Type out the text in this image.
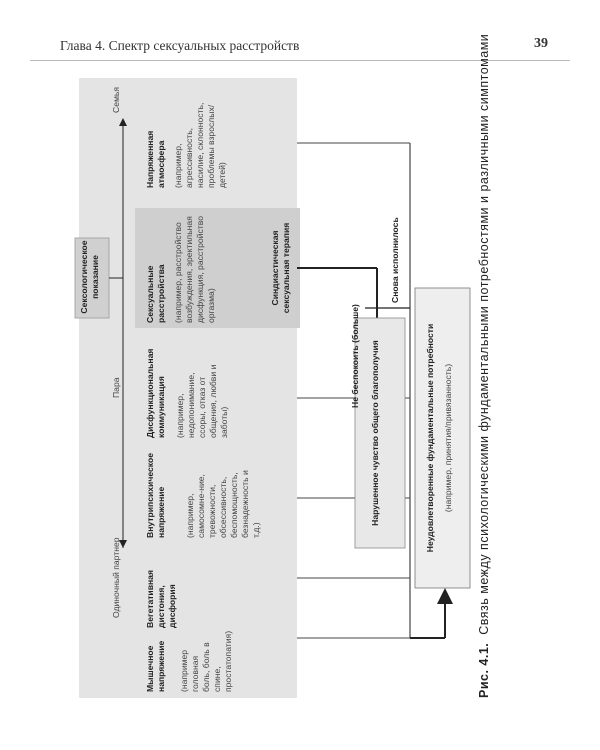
Глава 4. Спектр сексуальных расстройств	39
Одиночный партнер
Пара
Семья
Сексологическое показание
Мышечное напряжение (например головная боль, боль в спине, простатопатия)
Вегетативная дистония, дисфория
Внутрипсихическое напряжение (например, самосомне-ние, тревожности, обсессивность, беспомощность, безнадежность и т.д.)
Дисфункциональная коммуникация (например, недопонимание, ссоры, отказ от общения, любви и заботы)
Сексуальные расстройства (например, расстройство возбуждения, эректильная дисфункция, расстройство оргазма)
Напряженная атмосфера (например, агрессивность, насилие, склонность, проблемы взрослых/детей)
Синдиастическая сексуальная терапия
Не беспокоить (больше)
Снова исполнилось
Нарушенное чувство общего благополучия	Неудовлетворенные фундаментальные потребности (например, принятия/привязанность)
Рис. 4.1. Связь между психологическими фундаментальными потребностями и различными симптомами
